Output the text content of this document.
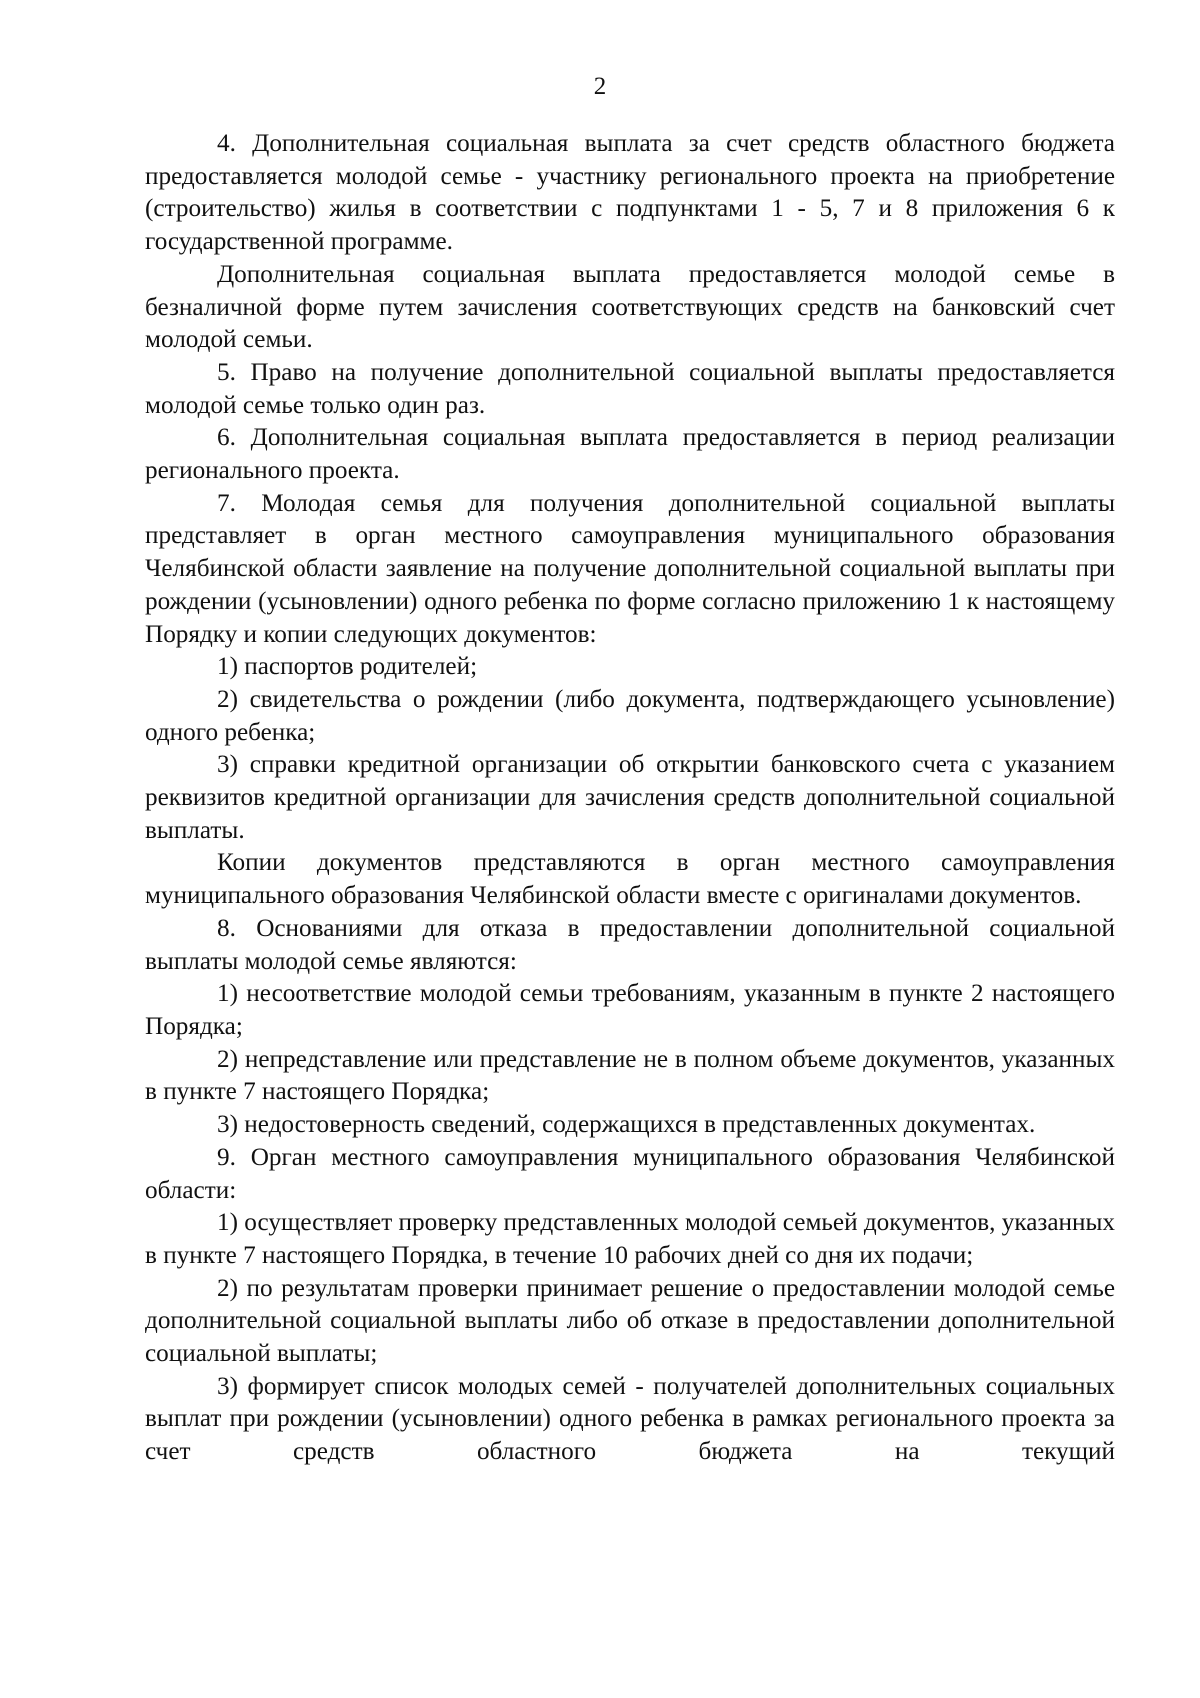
2

4. Дополнительная социальная выплата за счет средств областного бюджета предоставляется молодой семье - участнику регионального проекта на приобретение (строительство) жилья в соответствии с подпунктами 1 - 5, 7 и 8 приложения 6 к государственной программе.

Дополнительная социальная выплата предоставляется молодой семье в безналичной форме путем зачисления соответствующих средств на банковский счет молодой семьи.

5. Право на получение дополнительной социальной выплаты предоставляется молодой семье только один раз.

6. Дополнительная социальная выплата предоставляется в период реализации регионального проекта.

7. Молодая семья для получения дополнительной социальной выплаты представляет в орган местного самоуправления муниципального образования Челябинской области заявление на получение дополнительной социальной выплаты при рождении (усыновлении) одного ребенка по форме согласно приложению 1 к настоящему Порядку и копии следующих документов:

1) паспортов родителей;

2) свидетельства о рождении (либо документа, подтверждающего усыновление) одного ребенка;

3) справки кредитной организации об открытии банковского счета с указанием реквизитов кредитной организации для зачисления средств дополнительной социальной выплаты.

Копии документов представляются в орган местного самоуправления муниципального образования Челябинской области вместе с оригиналами документов.

8. Основаниями для отказа в предоставлении дополнительной социальной выплаты молодой семье являются:

1) несоответствие молодой семьи требованиям, указанным в пункте 2 настоящего Порядка;

2) непредставление или представление не в полном объеме документов, указанных в пункте 7 настоящего Порядка;

3) недостоверность сведений, содержащихся в представленных документах.

9. Орган местного самоуправления муниципального образования Челябинской области:

1) осуществляет проверку представленных молодой семьей документов, указанных в пункте 7 настоящего Порядка, в течение 10 рабочих дней со дня их подачи;

2) по результатам проверки принимает решение о предоставлении молодой семье дополнительной социальной выплаты либо об отказе в предоставлении дополнительной социальной выплаты;

3) формирует список молодых семей - получателей дополнительных социальных выплат при рождении (усыновлении) одного ребенка в рамках регионального проекта за счет средств областного бюджета на текущий
